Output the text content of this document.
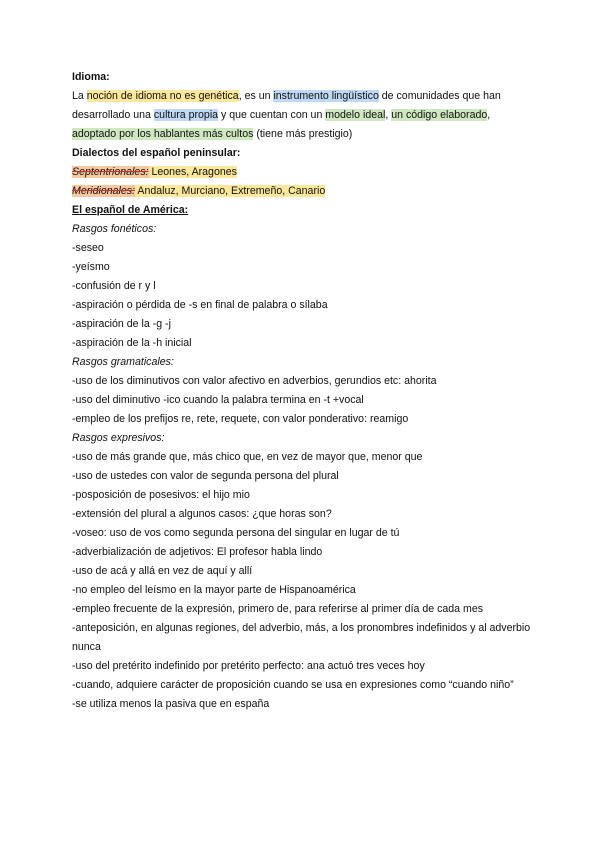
Idioma:
La noción de idioma no es genética, es un instrumento lingüístico de comunidades que han
desarrollado una cultura propia y que cuentan con un modelo ideal, un código elaborado,
adoptado por los hablantes más cultos (tiene más prestigio)
Dialectos del español peninsular:
Septentrionales: Leones, Aragones
Meridionales: Andaluz, Murciano, Extremeño, Canario
El español de América:
Rasgos fonéticos:
-seseo
-yeísmo
-confusión de r y l
-aspiración o pérdida de -s en final de palabra o sílaba
-aspiración de la -g -j
-aspiración de la -h inicial
Rasgos gramaticales:
-uso de los diminutivos con valor afectivo en adverbios, gerundios etc: ahorita
-uso del diminutivo -ico cuando la palabra termina en -t +vocal
-empleo de los prefijos re, rete, requete, con valor ponderativo: reamigo
Rasgos expresivos:
-uso de más grande que, más chico que, en vez de mayor que, menor que
-uso de ustedes con valor de segunda persona del plural
-posposición de posesivos: el hijo mio
-extensión del plural a algunos casos: ¿que horas son?
-voseo: uso de vos como segunda persona del singular en lugar de tú
-adverbialización de adjetivos: El profesor habla lindo
-uso de acá y allá en vez de aquí y allí
-no empleo del leísmo en la mayor parte de Hispanoamérica
-empleo frecuente de la expresión, primero de, para referirse al primer día de cada mes
-anteposición, en algunas regiones, del adverbio, más, a los pronombres indefinidos y al adverbio nunca
-uso del pretérito indefinido por pretérito perfecto: ana actuó tres veces hoy
-cuando, adquiere carácter de proposición cuando se usa en expresiones como “cuando niño”
-se utiliza menos la pasiva que en españa
